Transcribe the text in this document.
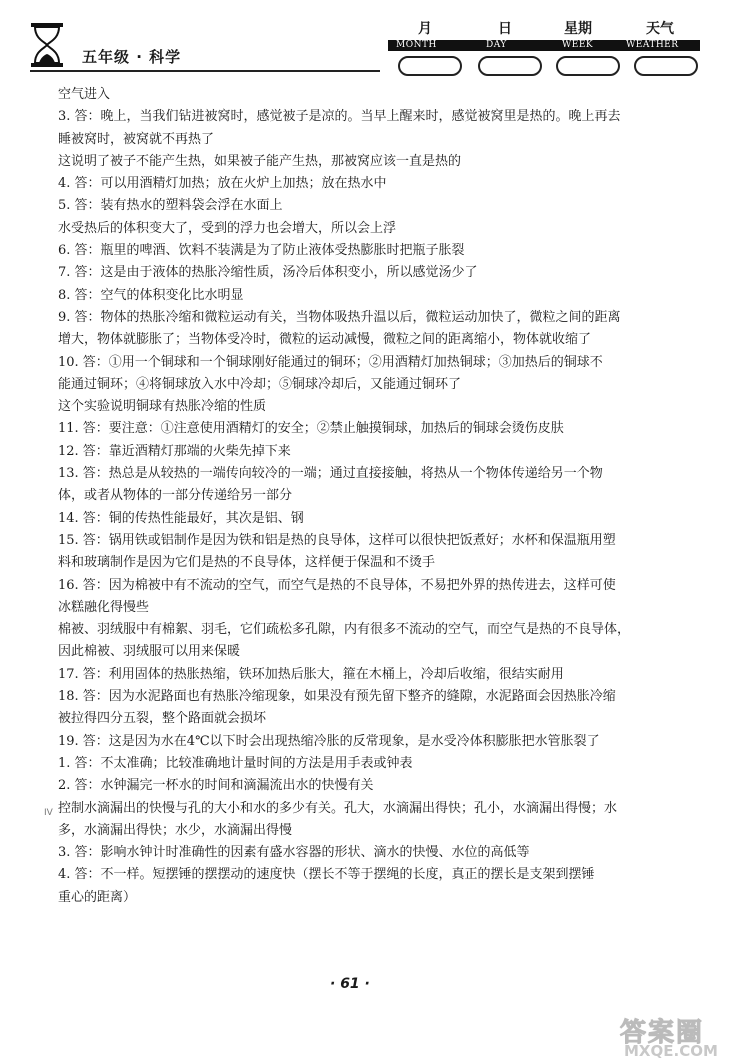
五年级 · 科学
月	日	星期	天气
MONTH	DAY	WEEK	WEATHER
空气进入
3. 答：晚上，当我们钻进被窝时，感觉被子是凉的。当早上醒来时，感觉被窝里是热的。晚上再去
睡被窝时，被窝就不再热了
这说明了被子不能产生热，如果被子能产生热，那被窝应该一直是热的
4. 答：可以用酒精灯加热；放在火炉上加热；放在热水中
5. 答：装有热水的塑料袋会浮在水面上
水受热后的体积变大了，受到的浮力也会增大，所以会上浮
6. 答：瓶里的啤酒、饮料不装满是为了防止液体受热膨胀时把瓶子胀裂
7. 答：这是由于液体的热胀冷缩性质，汤冷后体积变小，所以感觉汤少了
8. 答：空气的体积变化比水明显
9. 答：物体的热胀冷缩和微粒运动有关，当物体吸热升温以后，微粒运动加快了，微粒之间的距离
增大，物体就膨胀了；当物体受冷时，微粒的运动减慢，微粒之间的距离缩小，物体就收缩了
10. 答：①用一个铜球和一个铜球刚好能通过的铜环；②用酒精灯加热铜球；③加热后的铜球不
能通过铜环；④将铜球放入水中冷却；⑤铜球冷却后，又能通过铜环了
这个实验说明铜球有热胀冷缩的性质
11. 答：要注意：①注意使用酒精灯的安全；②禁止触摸铜球，加热后的铜球会烫伤皮肤
12. 答：靠近酒精灯那端的火柴先掉下来
13. 答：热总是从较热的一端传向较冷的一端；通过直接接触，将热从一个物体传递给另一个物
体，或者从物体的一部分传递给另一部分
14. 答：铜的传热性能最好，其次是铝、钢
15. 答：锅用铁或铝制作是因为铁和铝是热的良导体，这样可以很快把饭煮好；水杯和保温瓶用塑
料和玻璃制作是因为它们是热的不良导体，这样便于保温和不烫手
16. 答：因为棉被中有不流动的空气，而空气是热的不良导体，不易把外界的热传进去，这样可使
冰糕融化得慢些
棉被、羽绒服中有棉絮、羽毛，它们疏松多孔隙，内有很多不流动的空气，而空气是热的不良导体，
因此棉被、羽绒服可以用来保暖
17. 答：利用固体的热胀热缩，铁环加热后胀大，箍在木桶上，冷却后收缩，很结实耐用
18. 答：因为水泥路面也有热胀冷缩现象，如果没有预先留下整齐的缝隙，水泥路面会因热胀冷缩
被拉得四分五裂，整个路面就会损坏
19. 答：这是因为水在4℃以下时会出现热缩冷胀的反常现象，是水受冷体积膨胀把水管胀裂了
1. 答：不太准确；比较准确地计量时间的方法是用手表或钟表
2. 答：水钟漏完一杯水的时间和滴漏流出水的快慢有关
控制水滴漏出的快慢与孔的大小和水的多少有关。孔大，水滴漏出得快；孔小，水滴漏出得慢；水
多，水滴漏出得快；水少，水滴漏出得慢
3. 答：影响水钟计时准确性的因素有盛水容器的形状、滴水的快慢、水位的高低等
4. 答：不一样。短摆锤的摆摆动的速度快（摆长不等于摆绳的长度，真正的摆长是支架到摆锤
重心的距离）
ⅠⅤ
· 61 ·
答案圈
MXQE.COM
